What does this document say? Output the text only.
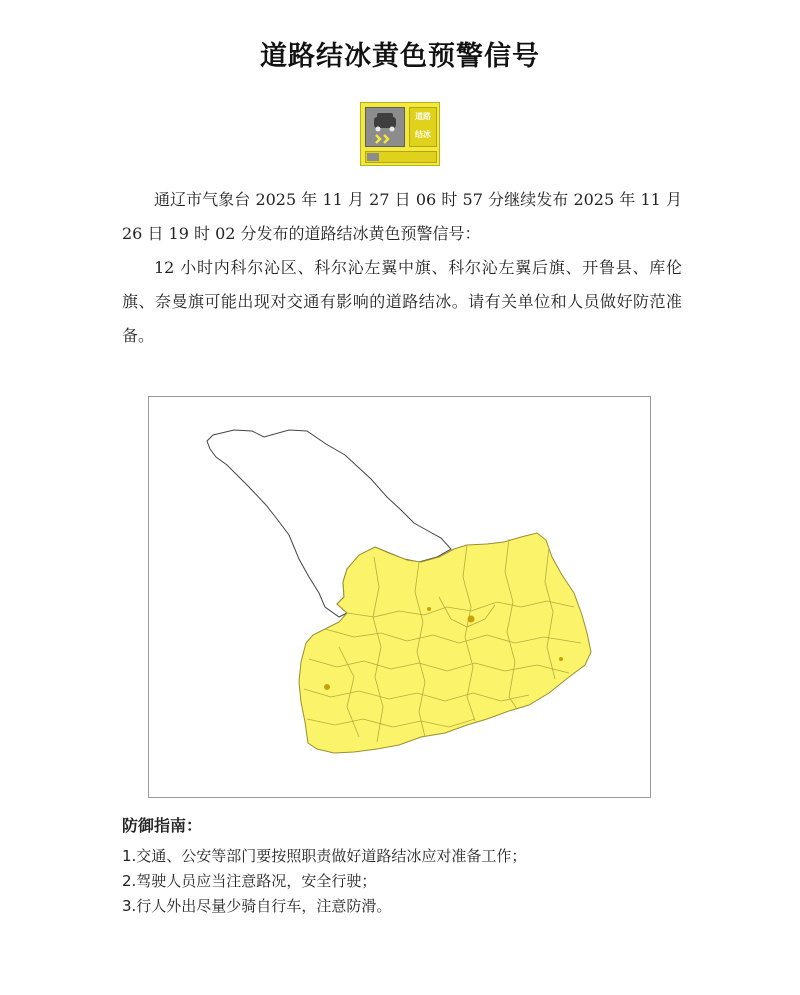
道路结冰黄色预警信号
道路
结冰

通辽市气象台 2025 年 11 月 27 日 06 时 57 分继续发布 2025 年 11 月 26 日 19 时 02 分发布的道路结冰黄色预警信号：

12 小时内科尔沁区、科尔沁左翼中旗、科尔沁左翼后旗、开鲁县、库伦旗、奈曼旗可能出现对交通有影响的道路结冰。请有关单位和人员做好防范准备。

防御指南：
1.交通、公安等部门要按照职责做好道路结冰应对准备工作；
2.驾驶人员应当注意路况，安全行驶；
3.行人外出尽量少骑自行车，注意防滑。
